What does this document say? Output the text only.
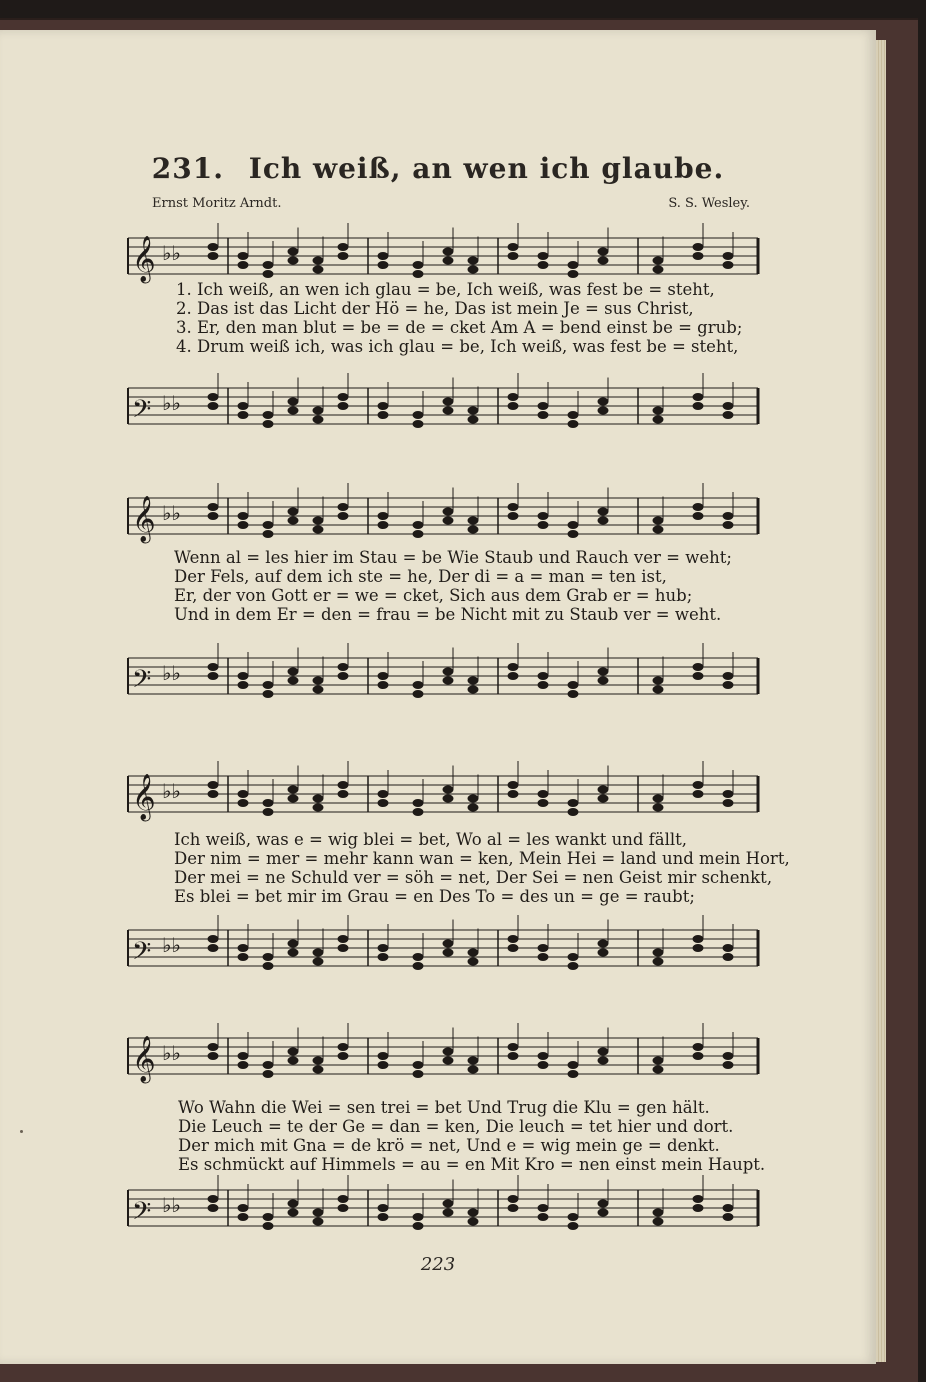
231. Ich weiß, an wen ich glaube.
Ernst Moritz Arndt.	S. S. Wesley.
𝄞 ♭♭
1. Ich weiß, an wen ich glau = be, Ich weiß, was fest be = steht,
2. Das ist das Licht der Hö = he, Das ist mein Je = sus Christ,
3. Er, den man blut = be = de = cket Am A = bend einst be = grub;
4. Drum weiß ich, was ich glau = be, Ich weiß, was fest be = steht,
𝄢 ♭♭
𝄞 ♭♭
Wenn al = les hier im Stau = be Wie Staub und Rauch ver = weht;
Der Fels, auf dem ich ste = he, Der di = a = man = ten ist,
Er, der von Gott er = we = cket, Sich aus dem Grab er = hub;
Und in dem Er = den = frau = be Nicht mit zu Staub ver = weht.
𝄢 ♭♭
𝄞 ♭♭
Ich weiß, was e = wig blei = bet, Wo al = les wankt und fällt,
Der nim = mer = mehr kann wan = ken, Mein Hei = land und mein Hort,
Der mei = ne Schuld ver = söh = net, Der Sei = nen Geist mir schenkt,
Es blei = bet mir im Grau = en Des To = des un = ge = raubt;
𝄢 ♭♭
𝄞 ♭♭
Wo Wahn die Wei = sen trei = bet Und Trug die Klu = gen hält.
Die Leuch = te der Ge = dan = ken, Die leuch = tet hier und dort.
Der mich mit Gna = de krö = net, Und e = wig mein ge = denkt.
Es schmückt auf Himmels = au = en Mit Kro = nen einst mein Haupt.
𝄢 ♭♭
223
